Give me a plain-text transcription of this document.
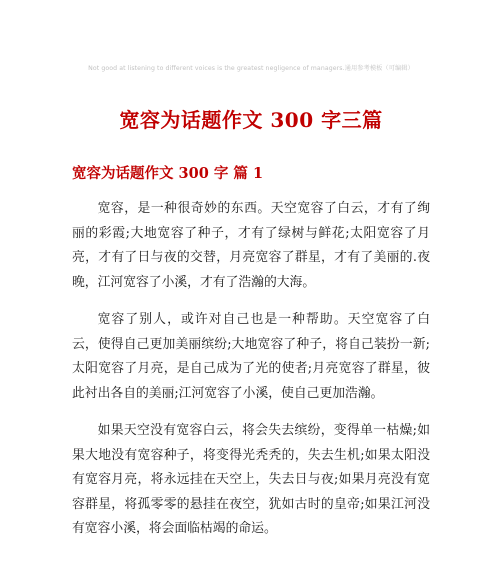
Not good at listening to different voices is the greatest negligence of managers.通用参考模板（可编辑）
宽容为话题作文 300 字三篇
宽容为话题作文 300 字 篇 1

宽容，是一种很奇妙的东西。天空宽容了白云，才有了绚丽的彩霞;大地宽容了种子，才有了绿树与鲜花;太阳宽容了月亮，才有了日与夜的交替，月亮宽容了群星，才有了美丽的.夜晚，江河宽容了小溪，才有了浩瀚的大海。

宽容了别人，或许对自己也是一种帮助。天空宽容了白云，使得自己更加美丽缤纷;大地宽容了种子，将自己装扮一新;太阳宽容了月亮，是自己成为了光的使者;月亮宽容了群星，彼此衬出各自的美丽;江河宽容了小溪，使自己更加浩瀚。

如果天空没有宽容白云，将会失去缤纷，变得单一枯燥;如果大地没有宽容种子，将变得光秃秃的，失去生机;如果太阳没有宽容月亮，将永远挂在天空上，失去日与夜;如果月亮没有宽容群星，将孤零零的悬挂在夜空，犹如古时的皇帝;如果江河没有宽容小溪，将会面临枯竭的命运。
